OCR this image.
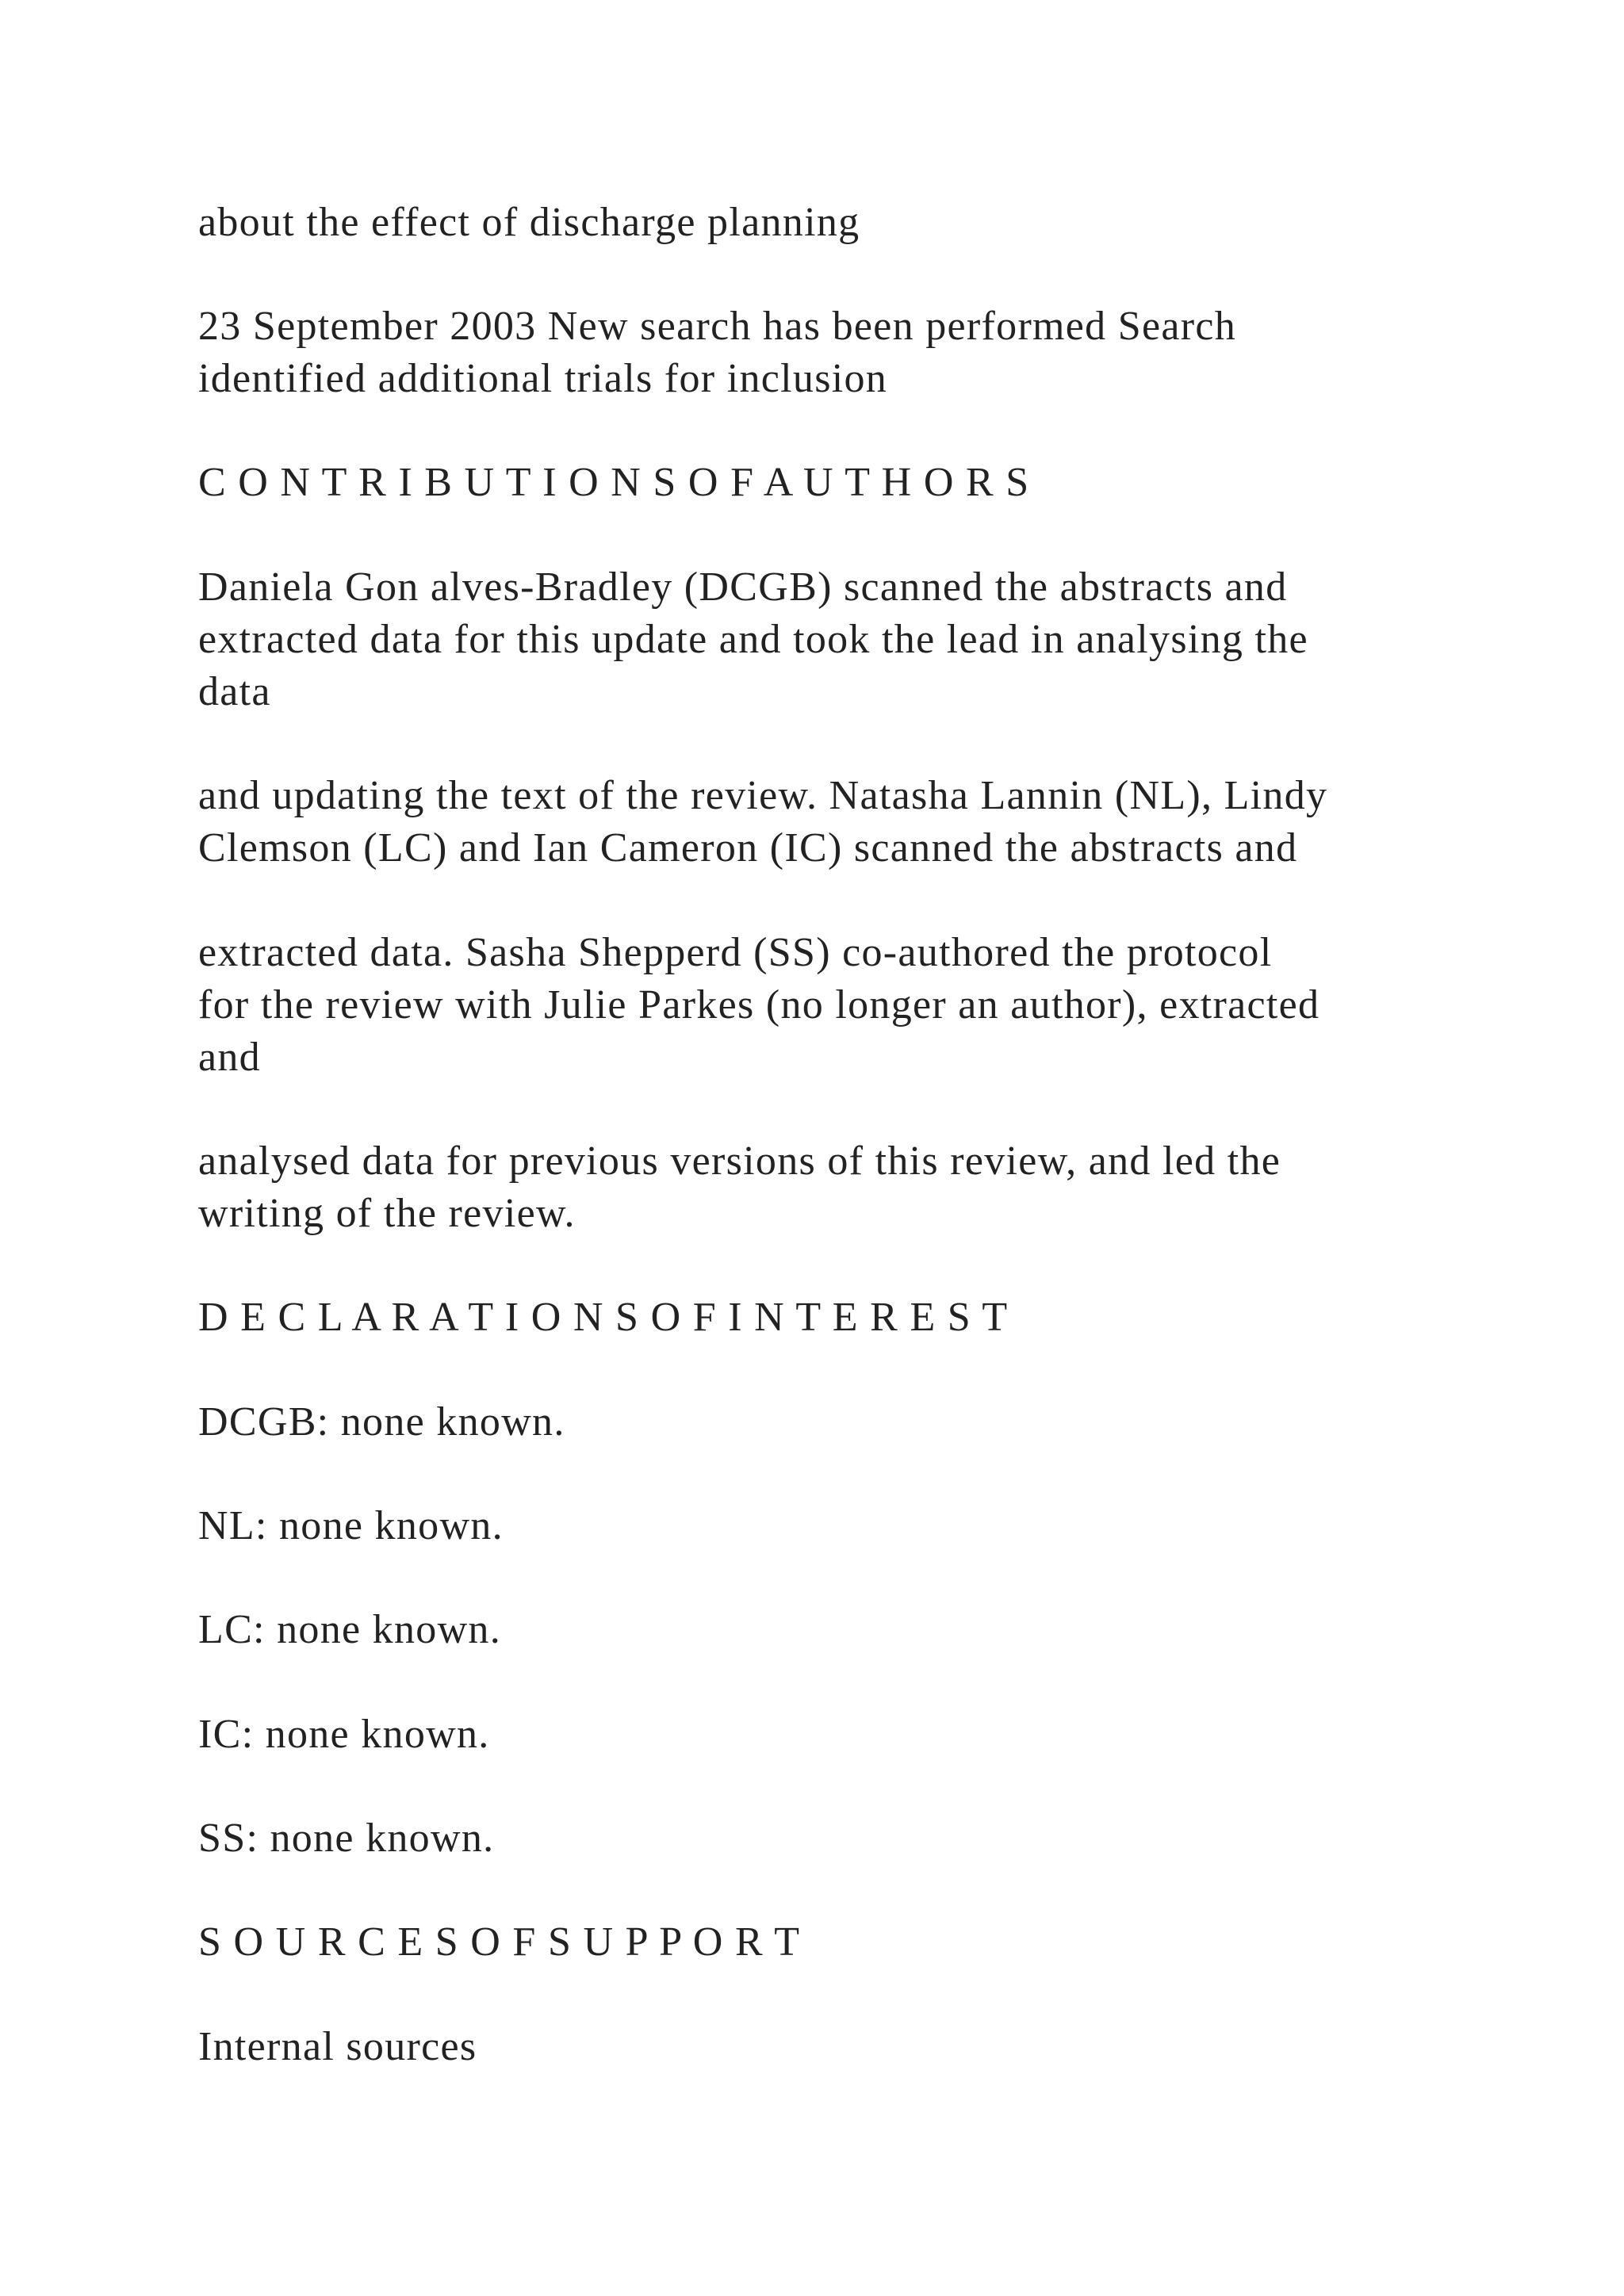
about the effect of discharge planning

23 September 2003 New search has been performed Search

identified additional trials for inclusion

C O N T R I B U T I O N S O F A U T H O R S

Daniela Gon alves-Bradley (DCGB) scanned the abstracts and

extracted data for this update and took the lead in analysing the

data

and updating the text of the review. Natasha Lannin (NL), Lindy

Clemson (LC) and Ian Cameron (IC) scanned the abstracts and

extracted data. Sasha Shepperd (SS) co-authored the protocol

for the review with Julie Parkes (no longer an author), extracted

and

analysed data for previous versions of this review, and led the

writing of the review.

D E C L A R A T I O N S O F I N T E R E S T

DCGB: none known.

NL: none known.

LC: none known.

IC: none known.

SS: none known.

S O U R C E S O F S U P P O R T

Internal sources
